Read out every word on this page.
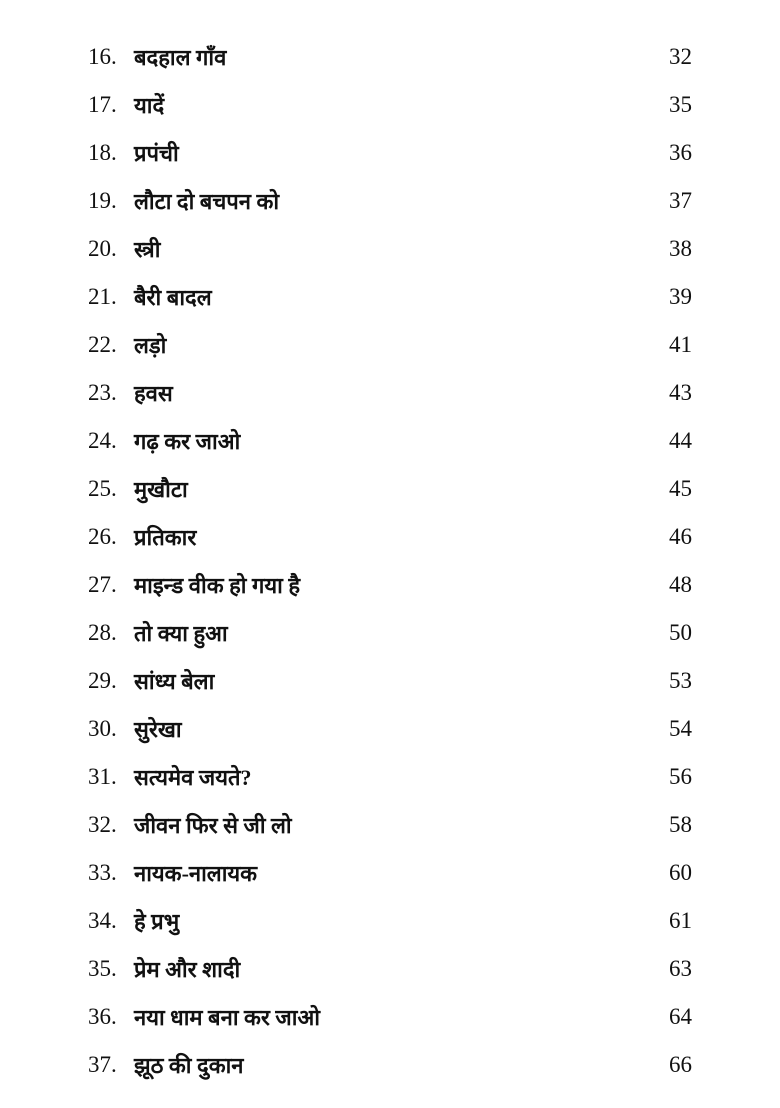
16. बदहाल गाँव	32
17. यादें	35
18. प्रपंची	36
19. लौटा दो बचपन को	37
20. स्त्री	38
21. बैरी बादल	39
22. लड़ो	41
23. हवस	43
24. गढ़ कर जाओ	44
25. मुखौटा	45
26. प्रतिकार	46
27. माइन्ड वीक हो गया है	48
28. तो क्या हुआ	50
29. सांध्य बेला	53
30. सुरेखा	54
31. सत्यमेव जयते?	56
32. जीवन फिर से जी लो	58
33. नायक-नालायक	60
34. हे प्रभु	61
35. प्रेम और शादी	63
36. नया धाम बना कर जाओ	64
37. झूठ की दुकान	66
